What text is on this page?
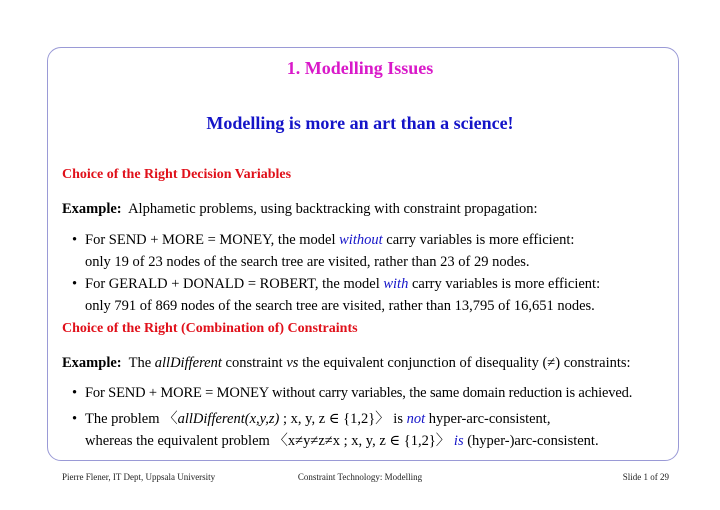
1. Modelling Issues
Modelling is more an art than a science!
Choice of the Right Decision Variables
Example: Alphametic problems, using backtracking with constraint propagation:
• For SEND + MORE = MONEY, the model without carry variables is more efficient:
only 19 of 23 nodes of the search tree are visited, rather than 23 of 29 nodes.
• For GERALD + DONALD = ROBERT, the model with carry variables is more efficient:
only 791 of 869 nodes of the search tree are visited, rather than 13,795 of 16,651 nodes.
Choice of the Right (Combination of) Constraints
Example: The allDifferent constraint vs the equivalent conjunction of disequality (≠) constraints:
• For SEND + MORE = MONEY without carry variables, the same domain reduction is achieved.
• The problem 〈allDifferent(x,y,z) ; x, y, z ∈ {1,2}〉 is not hyper-arc-consistent,
whereas the equivalent problem 〈x≠y≠z≠x ; x, y, z ∈ {1,2}〉 is (hyper-)arc-consistent.
Pierre Flener, IT Dept, Uppsala University	Constraint Technology: Modelling	Slide 1 of 29
